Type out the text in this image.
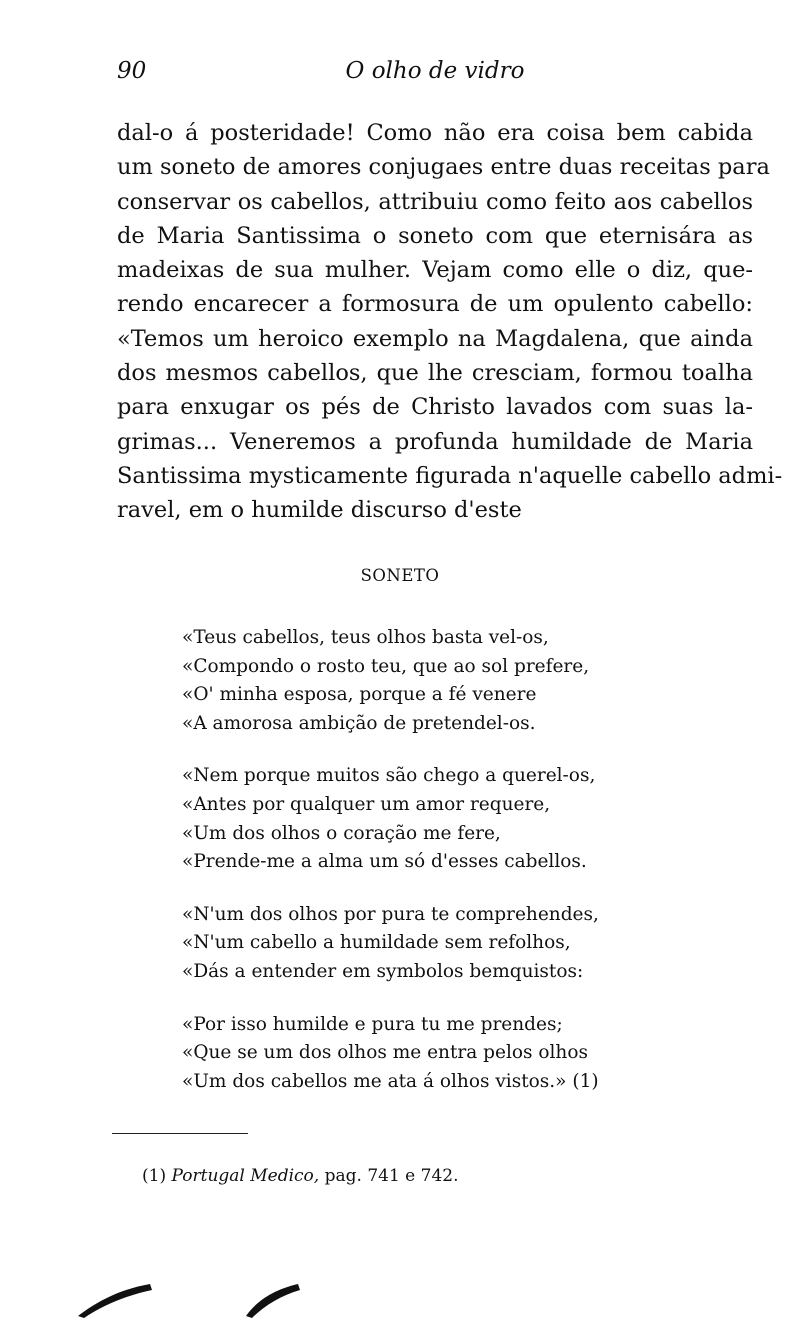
90	O olho de vidro
dal-o á posteridade! Como não era coisa bem cabida
um soneto de amores conjugaes entre duas receitas para
conservar os cabellos, attribuiu como feito aos cabellos
de Maria Santissima o soneto com que eternisára as
madeixas de sua mulher. Vejam como elle o diz, que-
rendo encarecer a formosura de um opulento cabello:
«Temos um heroico exemplo na Magdalena, que ainda
dos mesmos cabellos, que lhe cresciam, formou toalha
para enxugar os pés de Christo lavados com suas la-
grimas... Veneremos a profunda humildade de Maria
Santissima mysticamente figurada n'aquelle cabello admi-
ravel, em o humilde discurso d'este
SONETO
«Teus cabellos, teus olhos basta vel-os,
«Compondo o rosto teu, que ao sol prefere,
«O' minha esposa, porque a fé venere
«A amorosa ambição de pretendel-os.
«Nem porque muitos são chego a querel-os,
«Antes por qualquer um amor requere,
«Um dos olhos o coração me fere,
«Prende-me a alma um só d'esses cabellos.
«N'um dos olhos por pura te comprehendes,
«N'um cabello a humildade sem refolhos,
«Dás a entender em symbolos bemquistos:
«Por isso humilde e pura tu me prendes;
«Que se um dos olhos me entra pelos olhos
«Um dos cabellos me ata á olhos vistos.» (1)
(1) Portugal Medico, pag. 741 e 742.
